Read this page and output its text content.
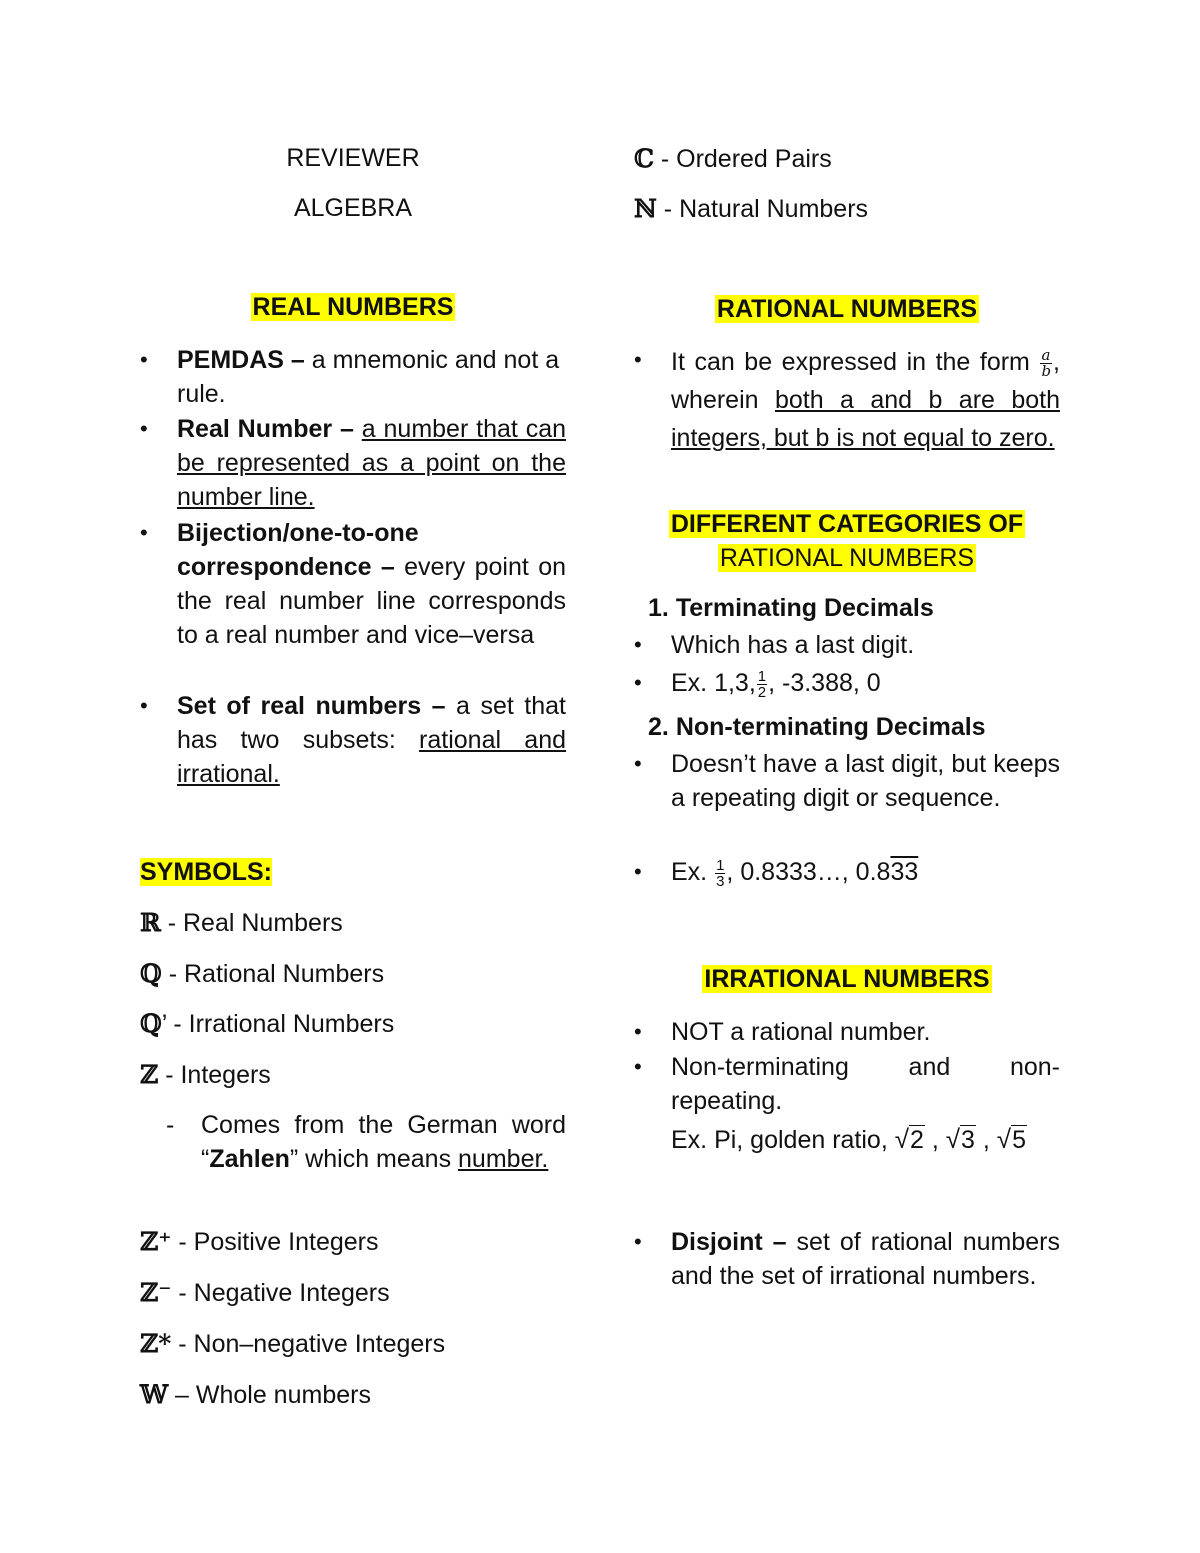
REVIEWER
ALGEBRA
REAL NUMBERS
• PEMDAS – a mnemonic and not a rule.
• Real Number – a number that can be represented as a point on the number line.
• Bijection/one-to-one correspondence – every point on the real number line corresponds to a real number and vice–versa
• Set of real numbers – a set that has two subsets: rational and irrational.
SYMBOLS:
ℝ - Real Numbers
ℚ - Rational Numbers
ℚ’ - Irrational Numbers
ℤ - Integers
- Comes from the German word “Zahlen” which means number.
ℤ⁺ - Positive Integers
ℤ⁻ - Negative Integers
ℤ* - Non–negative Integers
𝕎 – Whole numbers
ℂ - Ordered Pairs
ℕ - Natural Numbers
RATIONAL NUMBERS
• It can be expressed in the form $\frac{a}{b}$ , wherein both a and b are both integers, but b is not equal to zero.
DIFFERENT CATEGORIES OF
RATIONAL NUMBERS
1. Terminating Decimals
• Which has a last digit.
• Ex. 1,3, $\frac{1}{2}$ , -3.388, 0
2. Non-terminating Decimals
• Doesn’t have a last digit, but keeps a repeating digit or sequence.
• Ex. $\frac{1}{3}$ , 0.8333…, 0.833
IRRATIONAL NUMBERS
• NOT a rational number.
• Non-terminating and non-repeating.
Ex. Pi, golden ratio, √2 , √3 , √5
• Disjoint – set of rational numbers and the set of irrational numbers.
